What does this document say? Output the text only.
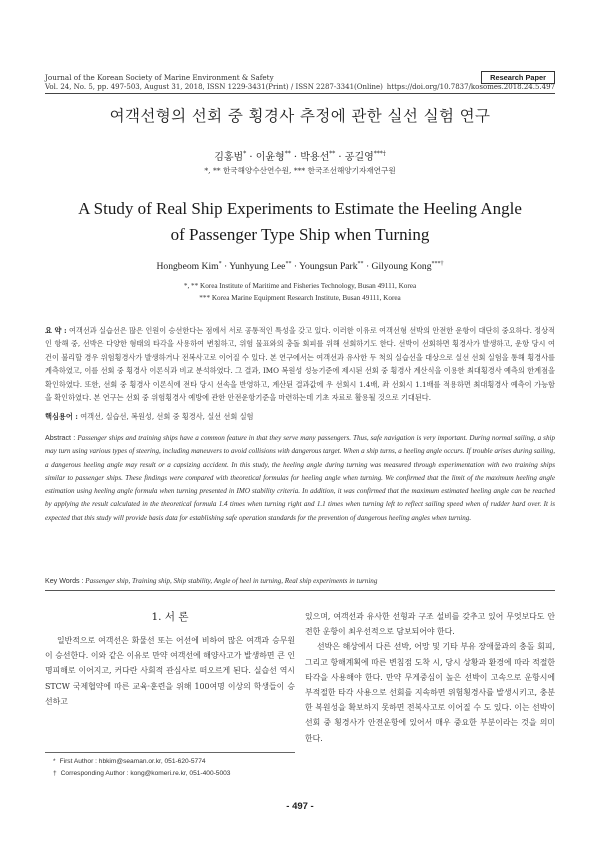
Journal of the Korean Society of Marine Environment & Safety	Research Paper
Vol. 24, No. 5, pp. 497-503, August 31, 2018, ISSN 1229-3431(Print) / ISSN 2287-3341(Online) https://doi.org/10.7837/kosomes.2018.24.5.497
여객선형의 선회 중 횡경사 추정에 관한 실선 실험 연구
김홍범* · 이윤형** · 박용선** · 공길영***†
*, ** 한국해양수산연수원, *** 한국조선해양기자재연구원
A Study of Real Ship Experiments to Estimate the Heeling Angle
of Passenger Type Ship when Turning
Hongbeom Kim* · Yunhyung Lee** · Youngsun Park** · Gilyoung Kong***†
*, ** Korea Institute of Maritime and Fisheries Technology, Busan 49111, Korea
*** Korea Marine Equipment Research Institute, Busan 49111, Korea
요 약 : 여객선과 실습선은 많은 인원이 승선한다는 점에서 서로 공통적인 특성을 갖고 있다. 이러한 이유로 여객선형 선박의 안전한 운항이 대단히 중요하다. 정상적인 항해 중, 선박은 다양한 형태의 타각을 사용하여 변침하고, 위험 물표와의 충돌 회피를 위해 선회하기도 한다. 선박이 선회하면 횡경사가 발생하고, 운항 당시 여건이 불리할 경우 위험횡경사가 발생하거나 전복사고로 이어질 수 있다. 본 연구에서는 여객선과 유사한 두 척의 실습선을 대상으로 실선 선회 실험을 통해 횡경사를 계측하였고, 이를 선회 중 횡경사 이론식과 비교 분석하였다. 그 결과, IMO 복원성 성능기준에 제시된 선회 중 횡경사 계산식을 이용한 최대횡경사 예측의 한계점을 확인하였다. 또한, 선회 중 횡경사 이론식에 전타 당시 선속을 반영하고, 계산된 결과값에 우 선회시 1.4배, 좌 선회시 1.1배를 적용하면 최대횡경사 예측이 가능함을 확인하였다. 본 연구는 선회 중 위험횡경사 예방에 관한 안전운항기준을 마련하는데 기초 자료로 활용될 것으로 기대된다.
핵심용어 : 여객선, 실습선, 복원성, 선회 중 횡경사, 실선 선회 실험
Abstract : Passenger ships and training ships have a common feature in that they serve many passengers. Thus, safe navigation is very important. During normal sailing, a ship may turn using various types of steering, including maneuvers to avoid collisions with dangerous target. When a ship turns, a heeling angle occurs. If trouble arises during sailing, a dangerous heeling angle may result or a capsizing accident. In this study, the heeling angle during turning was measured through experimentation with two training ships similar to passenger ships. These findings were compared with theoretical formulas for heeling angle when turning. We confirmed that the limit of the maximum heeling angle estimation using heeling angle formula when turning presented in IMO stability criteria. In addition, it was confirmed that the maximum estimated heeling angle can be reached by applying the result calculated in the theoretical formula 1.4 times when turning right and 1.1 times when turning left to reflect sailing speed when of rudder hard over. It is expected that this study will provide basis data for establishing safe operation standards for the prevention of dangerous heeling angles when turning.
Key Words : Passenger ship, Training ship, Ship stability, Angle of heel in turning, Real ship experiments in turning
1. 서 론

일반적으로 여객선은 화물선 또는 어선에 비하여 많은 여객과 승무원이 승선한다. 이와 같은 이유로 만약 여객선에 해양사고가 발생하면 큰 인명피해로 이어지고, 커다란 사회적 관심사로 떠오르게 된다. 실습선 역시 STCW 국제협약에 따른 교육·훈련을 위해 100여명 이상의 학생들이 승선하고

있으며, 여객선과 유사한 선형과 구조 설비를 갖추고 있어 무엇보다도 안전한 운항이 최우선적으로 담보되어야 한다.

선박은 해상에서 다른 선박, 어망 및 기타 부유 장애물과의 충돌 회피, 그리고 항해계획에 따른 변침점 도착 시, 당시 상황과 환경에 따라 적절한 타각을 사용해야 한다. 만약 무게중심이 높은 선박이 고속으로 운항시에 부적절한 타각 사용으로 선회를 지속하면 위험횡경사를 발생시키고, 충분한 복원성을 확보하지 못하면 전복사고로 이어질 수 도 있다. 이는 선박이 선회 중 횡경사가 안전운항에 있어서 매우 중요한 부분이라는 것을 의미한다.

* First Author : hbkim@seaman.or.kr, 051-620-5774
† Corresponding Author : kong@komeri.re.kr, 051-400-5003
- 497 -
